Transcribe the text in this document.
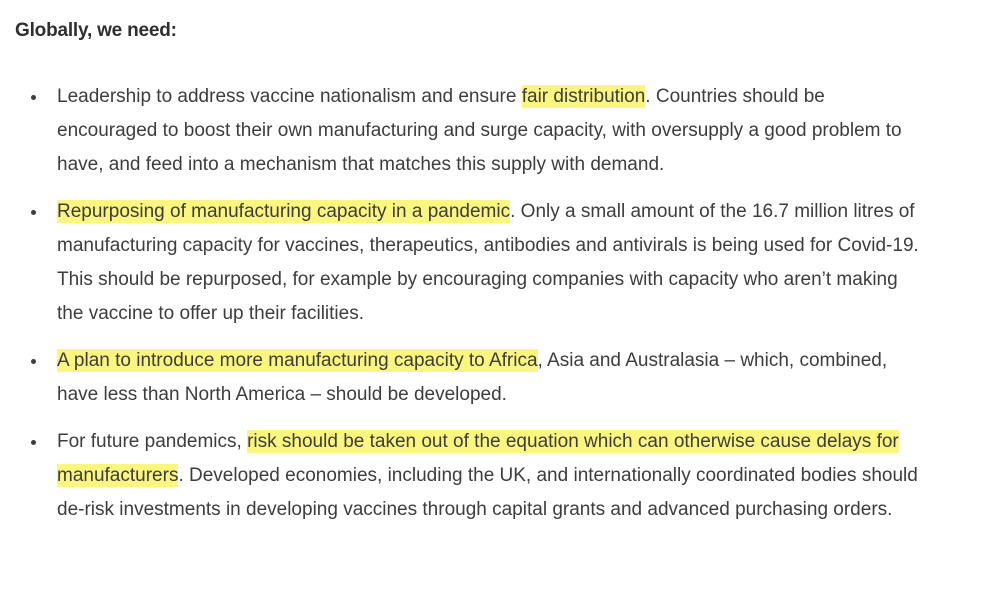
Globally, we need:
Leadership to address vaccine nationalism and ensure fair distribution. Countries should be encouraged to boost their own manufacturing and surge capacity, with oversupply a good problem to have, and feed into a mechanism that matches this supply with demand.
Repurposing of manufacturing capacity in a pandemic. Only a small amount of the 16.7 million litres of manufacturing capacity for vaccines, therapeutics, antibodies and antivirals is being used for Covid-19. This should be repurposed, for example by encouraging companies with capacity who aren’t making the vaccine to offer up their facilities.
A plan to introduce more manufacturing capacity to Africa, Asia and Australasia – which, combined, have less than North America – should be developed.
For future pandemics, risk should be taken out of the equation which can otherwise cause delays for manufacturers. Developed economies, including the UK, and internationally coordinated bodies should de-risk investments in developing vaccines through capital grants and advanced purchasing orders.
